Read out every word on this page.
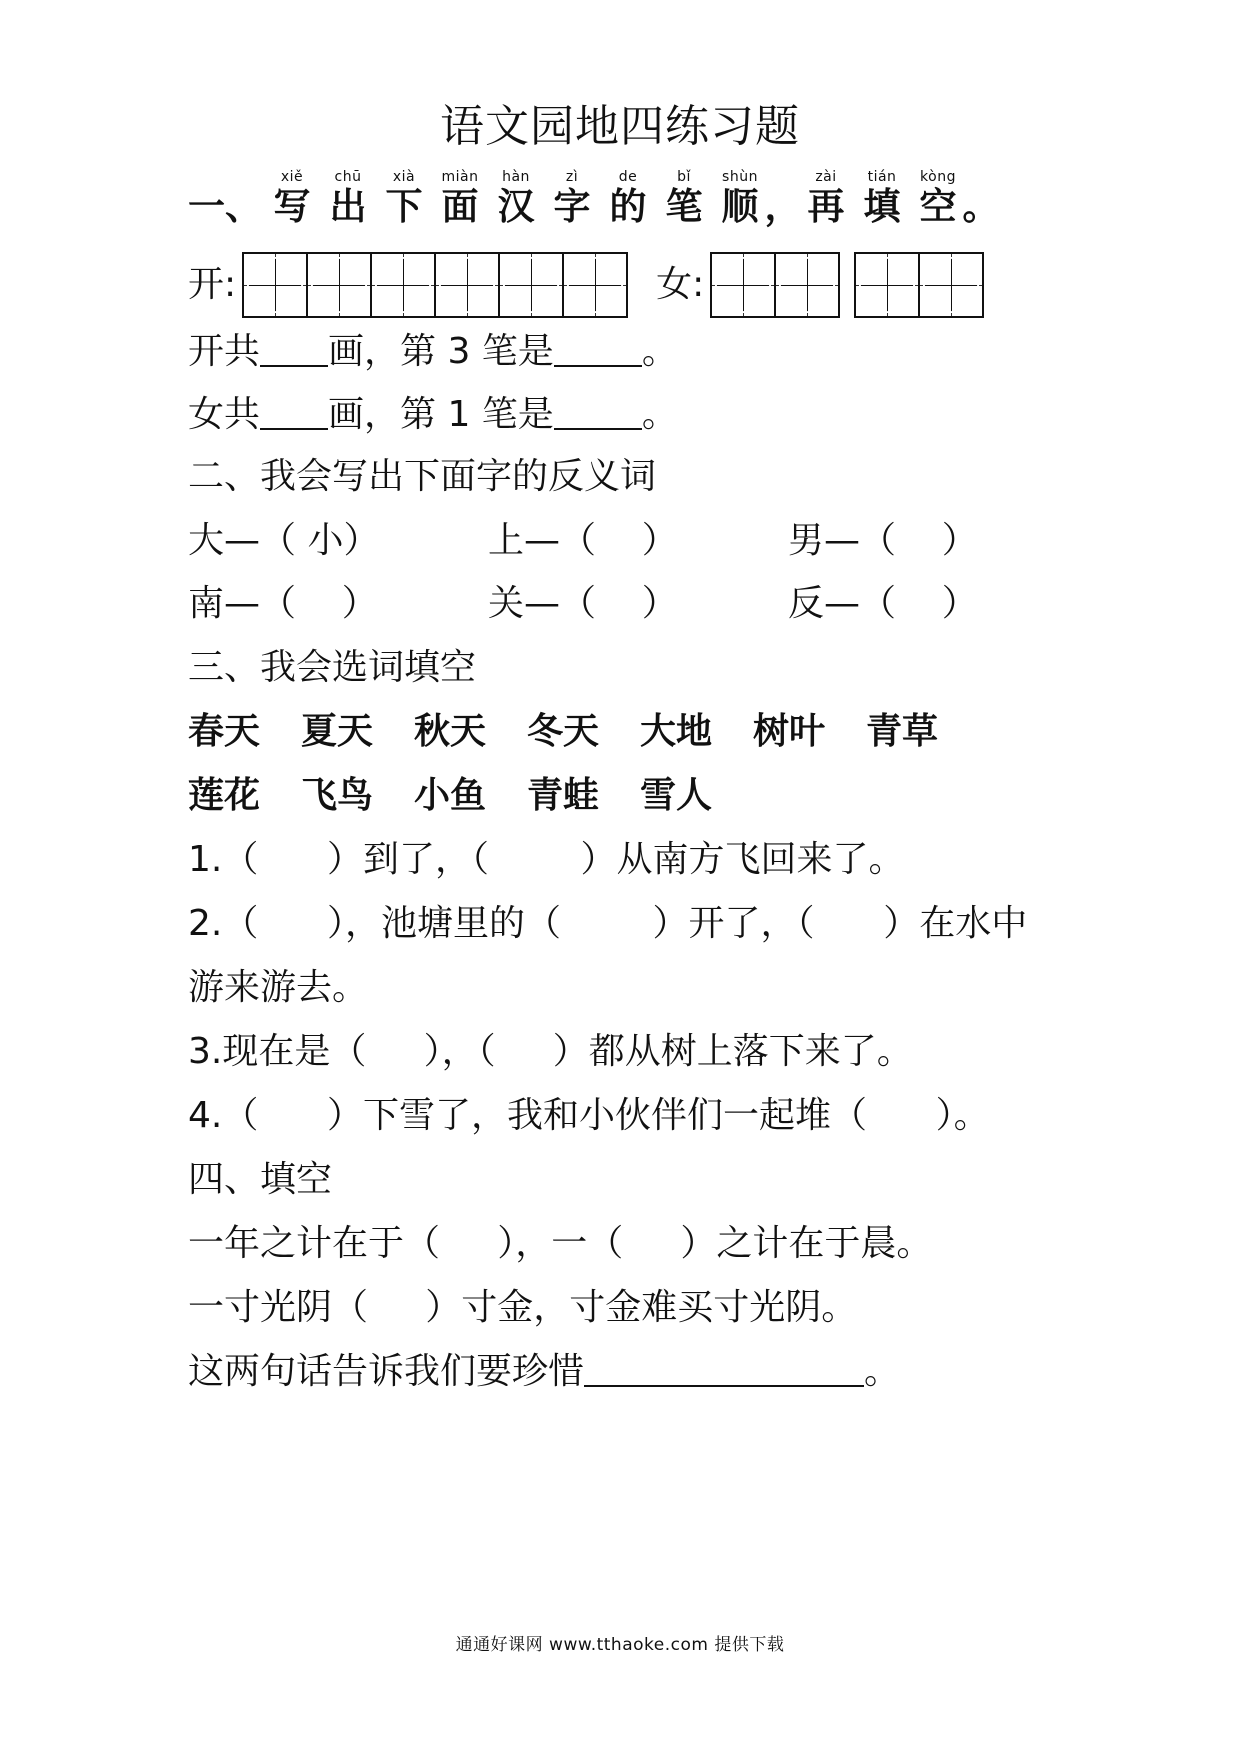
语文园地四练习题
一、
xiě
写
chū
出
xià
下
miàn
面
hàn
汉
zì
字
de
的
bǐ
笔
shùn
顺 ，
zài
再
tián
填
kòng
空 。
开:	女:
开共 画，第 3 笔是 。
女共 画，第 1 笔是 。
二、我会写出下面字的反义词
大—（ 小）	上—（    ）	男—（    ）
南—（    ）	关—（    ）	反—（    ）
三、我会选词填空
春天	夏天	秋天	冬天	大地	树叶	青草
莲花	飞鸟	小鱼	青蛙	雪人
1.（      ）到了，（        ）从南方飞回来了。
2.（      ），池塘里的（        ）开了，（      ）在水中
游来游去。
3.现在是（     ），（     ）都从树上落下来了。
4.（      ）下雪了，我和小伙伴们一起堆（      ）。
四、填空
一年之计在于（     ），一（     ）之计在于晨。
一寸光阴（     ）寸金，寸金难买寸光阴。
这两句话告诉我们要珍惜	。
通通好课网 www.tthaoke.com 提供下载
